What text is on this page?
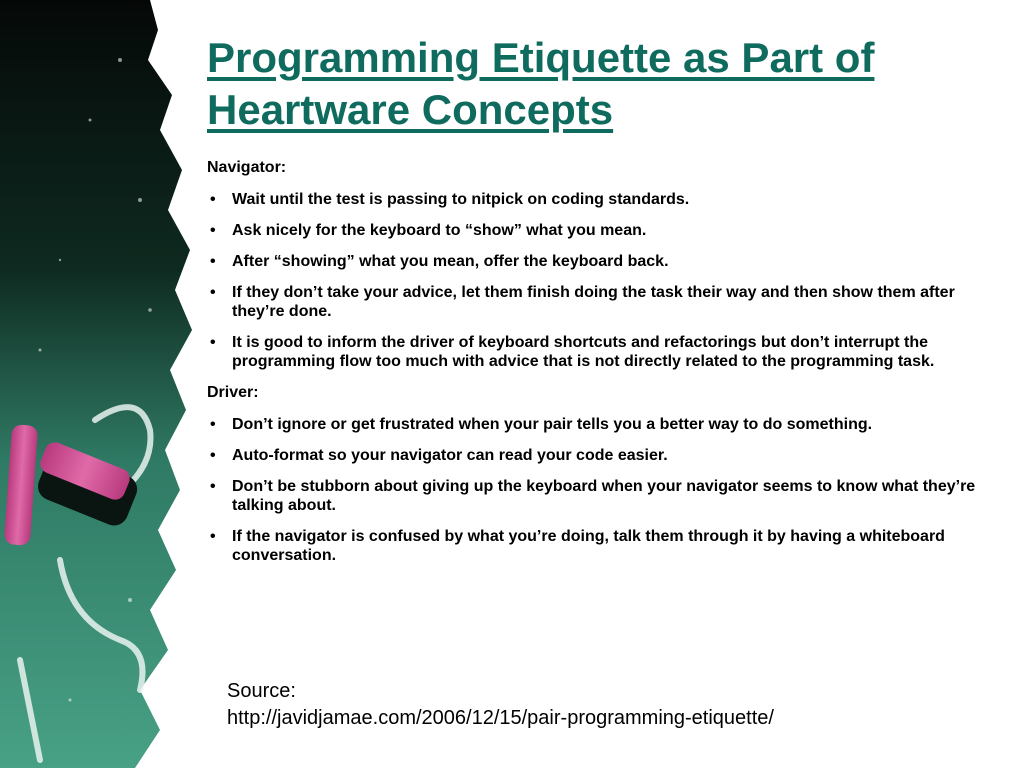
Programming Etiquette as Part of Heartware Concepts

Navigator:

• Wait until the test is passing to nitpick on coding standards.
• Ask nicely for the keyboard to “show” what you mean.
• After “showing” what you mean, offer the keyboard back.
• If they don’t take your advice, let them finish doing the task their way and then show them after they’re done.
• It is good to inform the driver of keyboard shortcuts and refactorings but don’t interrupt the programming flow too much with advice that is not directly related to the programming task.

Driver:

• Don’t ignore or get frustrated when your pair tells you a better way to do something.
• Auto-format so your navigator can read your code easier.
• Don’t be stubborn about giving up the keyboard when your navigator seems to know what they’re talking about.
• If the navigator is confused by what you’re doing, talk them through it by having a whiteboard conversation.
Source:
http://javidjamae.com/2006/12/15/pair-programming-etiquette/
